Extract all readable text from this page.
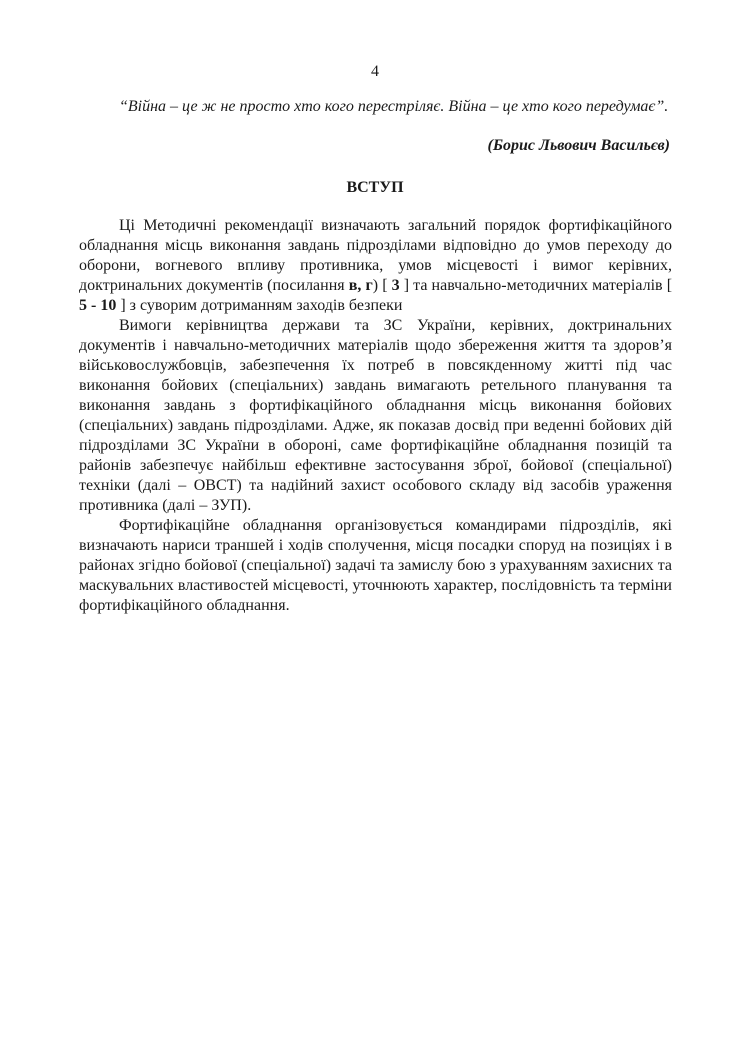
4
“Війна – це ж не просто хто кого перестріляє. Війна – це хто кого передумає”.
(Борис Львович Васильєв)
ВСТУП

Ці Методичні рекомендації визначають загальний порядок фортифікаційного обладнання місць виконання завдань підрозділами відповідно до умов переходу до оборони, вогневого впливу противника, умов місцевості і вимог керівних, доктринальних документів (посилання в, г) [ 3 ] та навчально-методичних матеріалів [ 5 - 10 ] з суворим дотриманням заходів безпеки

Вимоги керівництва держави та ЗС України, керівних, доктринальних документів і навчально-методичних матеріалів щодо збереження життя та здоров’я військовослужбовців, забезпечення їх потреб в повсякденному житті під час виконання бойових (спеціальних) завдань вимагають ретельного планування та виконання завдань з фортифікаційного обладнання місць виконання бойових (спеціальних) завдань підрозділами. Адже, як показав досвід при веденні бойових дій підрозділами ЗС України в обороні, саме фортифікаційне обладнання позицій та районів забезпечує найбільш ефективне застосування зброї, бойової (спеціальної) техніки (далі – ОВСТ) та надійний захист особового складу від засобів ураження противника (далі – ЗУП).

Фортифікаційне обладнання організовується командирами підрозділів, які визначають нариси траншей і ходів сполучення, місця посадки споруд на позиціях і в районах згідно бойової (спеціальної) задачі та замислу бою з урахуванням захисних та маскувальних властивостей місцевості, уточнюють характер, послідовність та терміни фортифікаційного обладнання.
